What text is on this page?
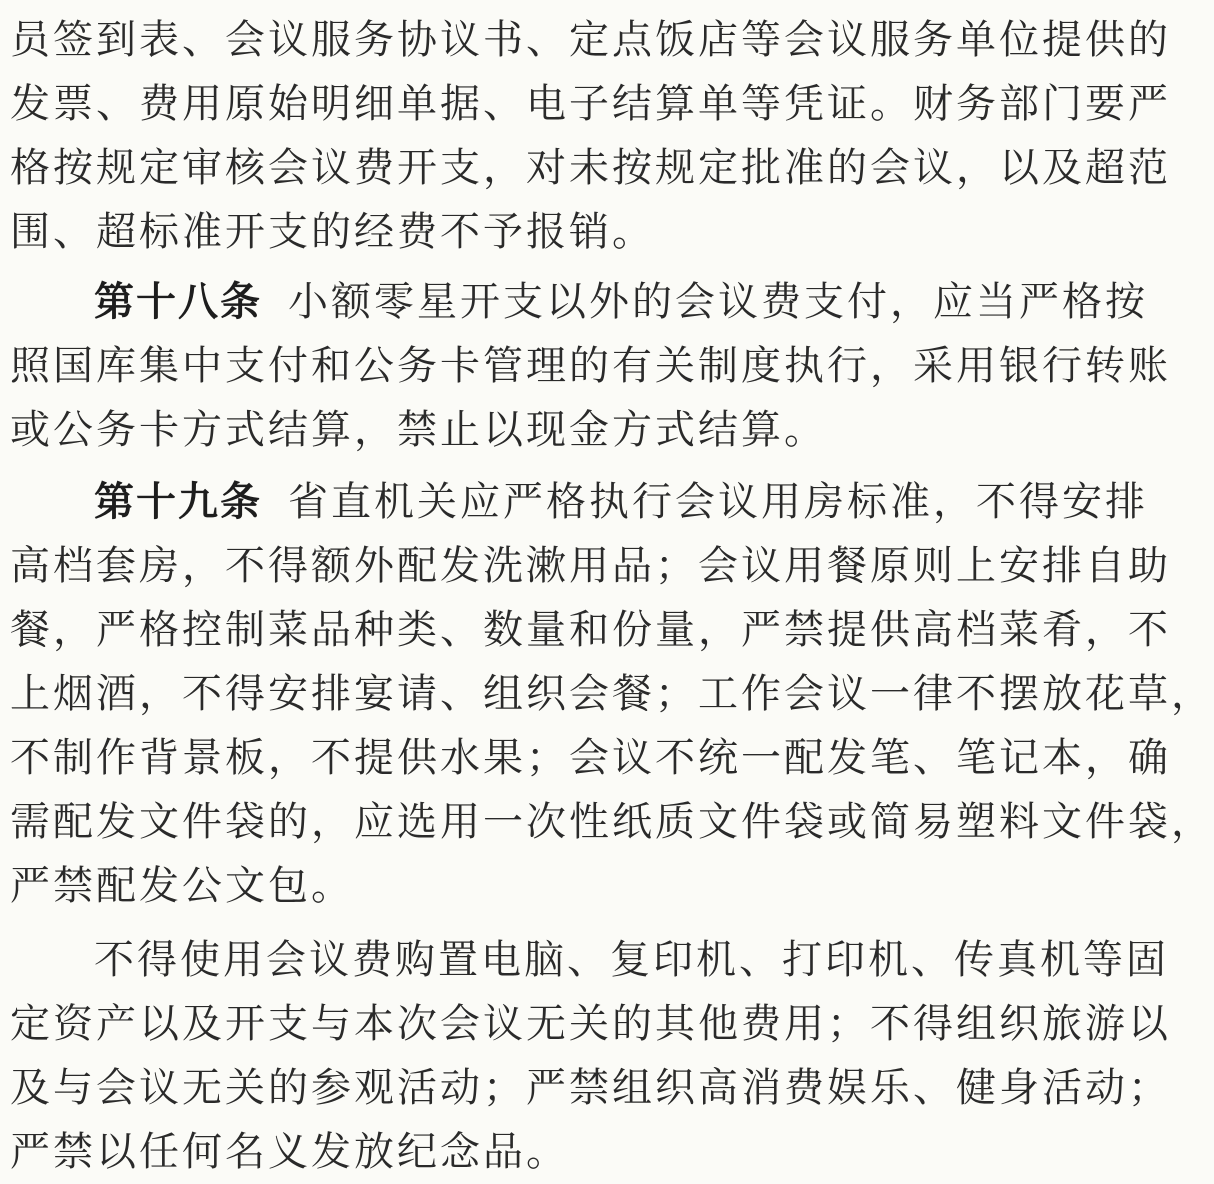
员签到表、会议服务协议书、定点饭店等会议服务单位提供的
发票、费用原始明细单据、电子结算单等凭证。财务部门要严
格按规定审核会议费开支，对未按规定批准的会议，以及超范
围、超标准开支的经费不予报销。
第十八条 小额零星开支以外的会议费支付，应当严格按
照国库集中支付和公务卡管理的有关制度执行，采用银行转账
或公务卡方式结算，禁止以现金方式结算。
第十九条 省直机关应严格执行会议用房标准，不得安排
高档套房，不得额外配发洗漱用品；会议用餐原则上安排自助
餐，严格控制菜品种类、数量和份量，严禁提供高档菜肴，不
上烟酒，不得安排宴请、组织会餐；工作会议一律不摆放花草，
不制作背景板，不提供水果；会议不统一配发笔、笔记本，确
需配发文件袋的，应选用一次性纸质文件袋或简易塑料文件袋，
严禁配发公文包。
不得使用会议费购置电脑、复印机、打印机、传真机等固
定资产以及开支与本次会议无关的其他费用；不得组织旅游以
及与会议无关的参观活动；严禁组织高消费娱乐、健身活动；
严禁以任何名义发放纪念品。
